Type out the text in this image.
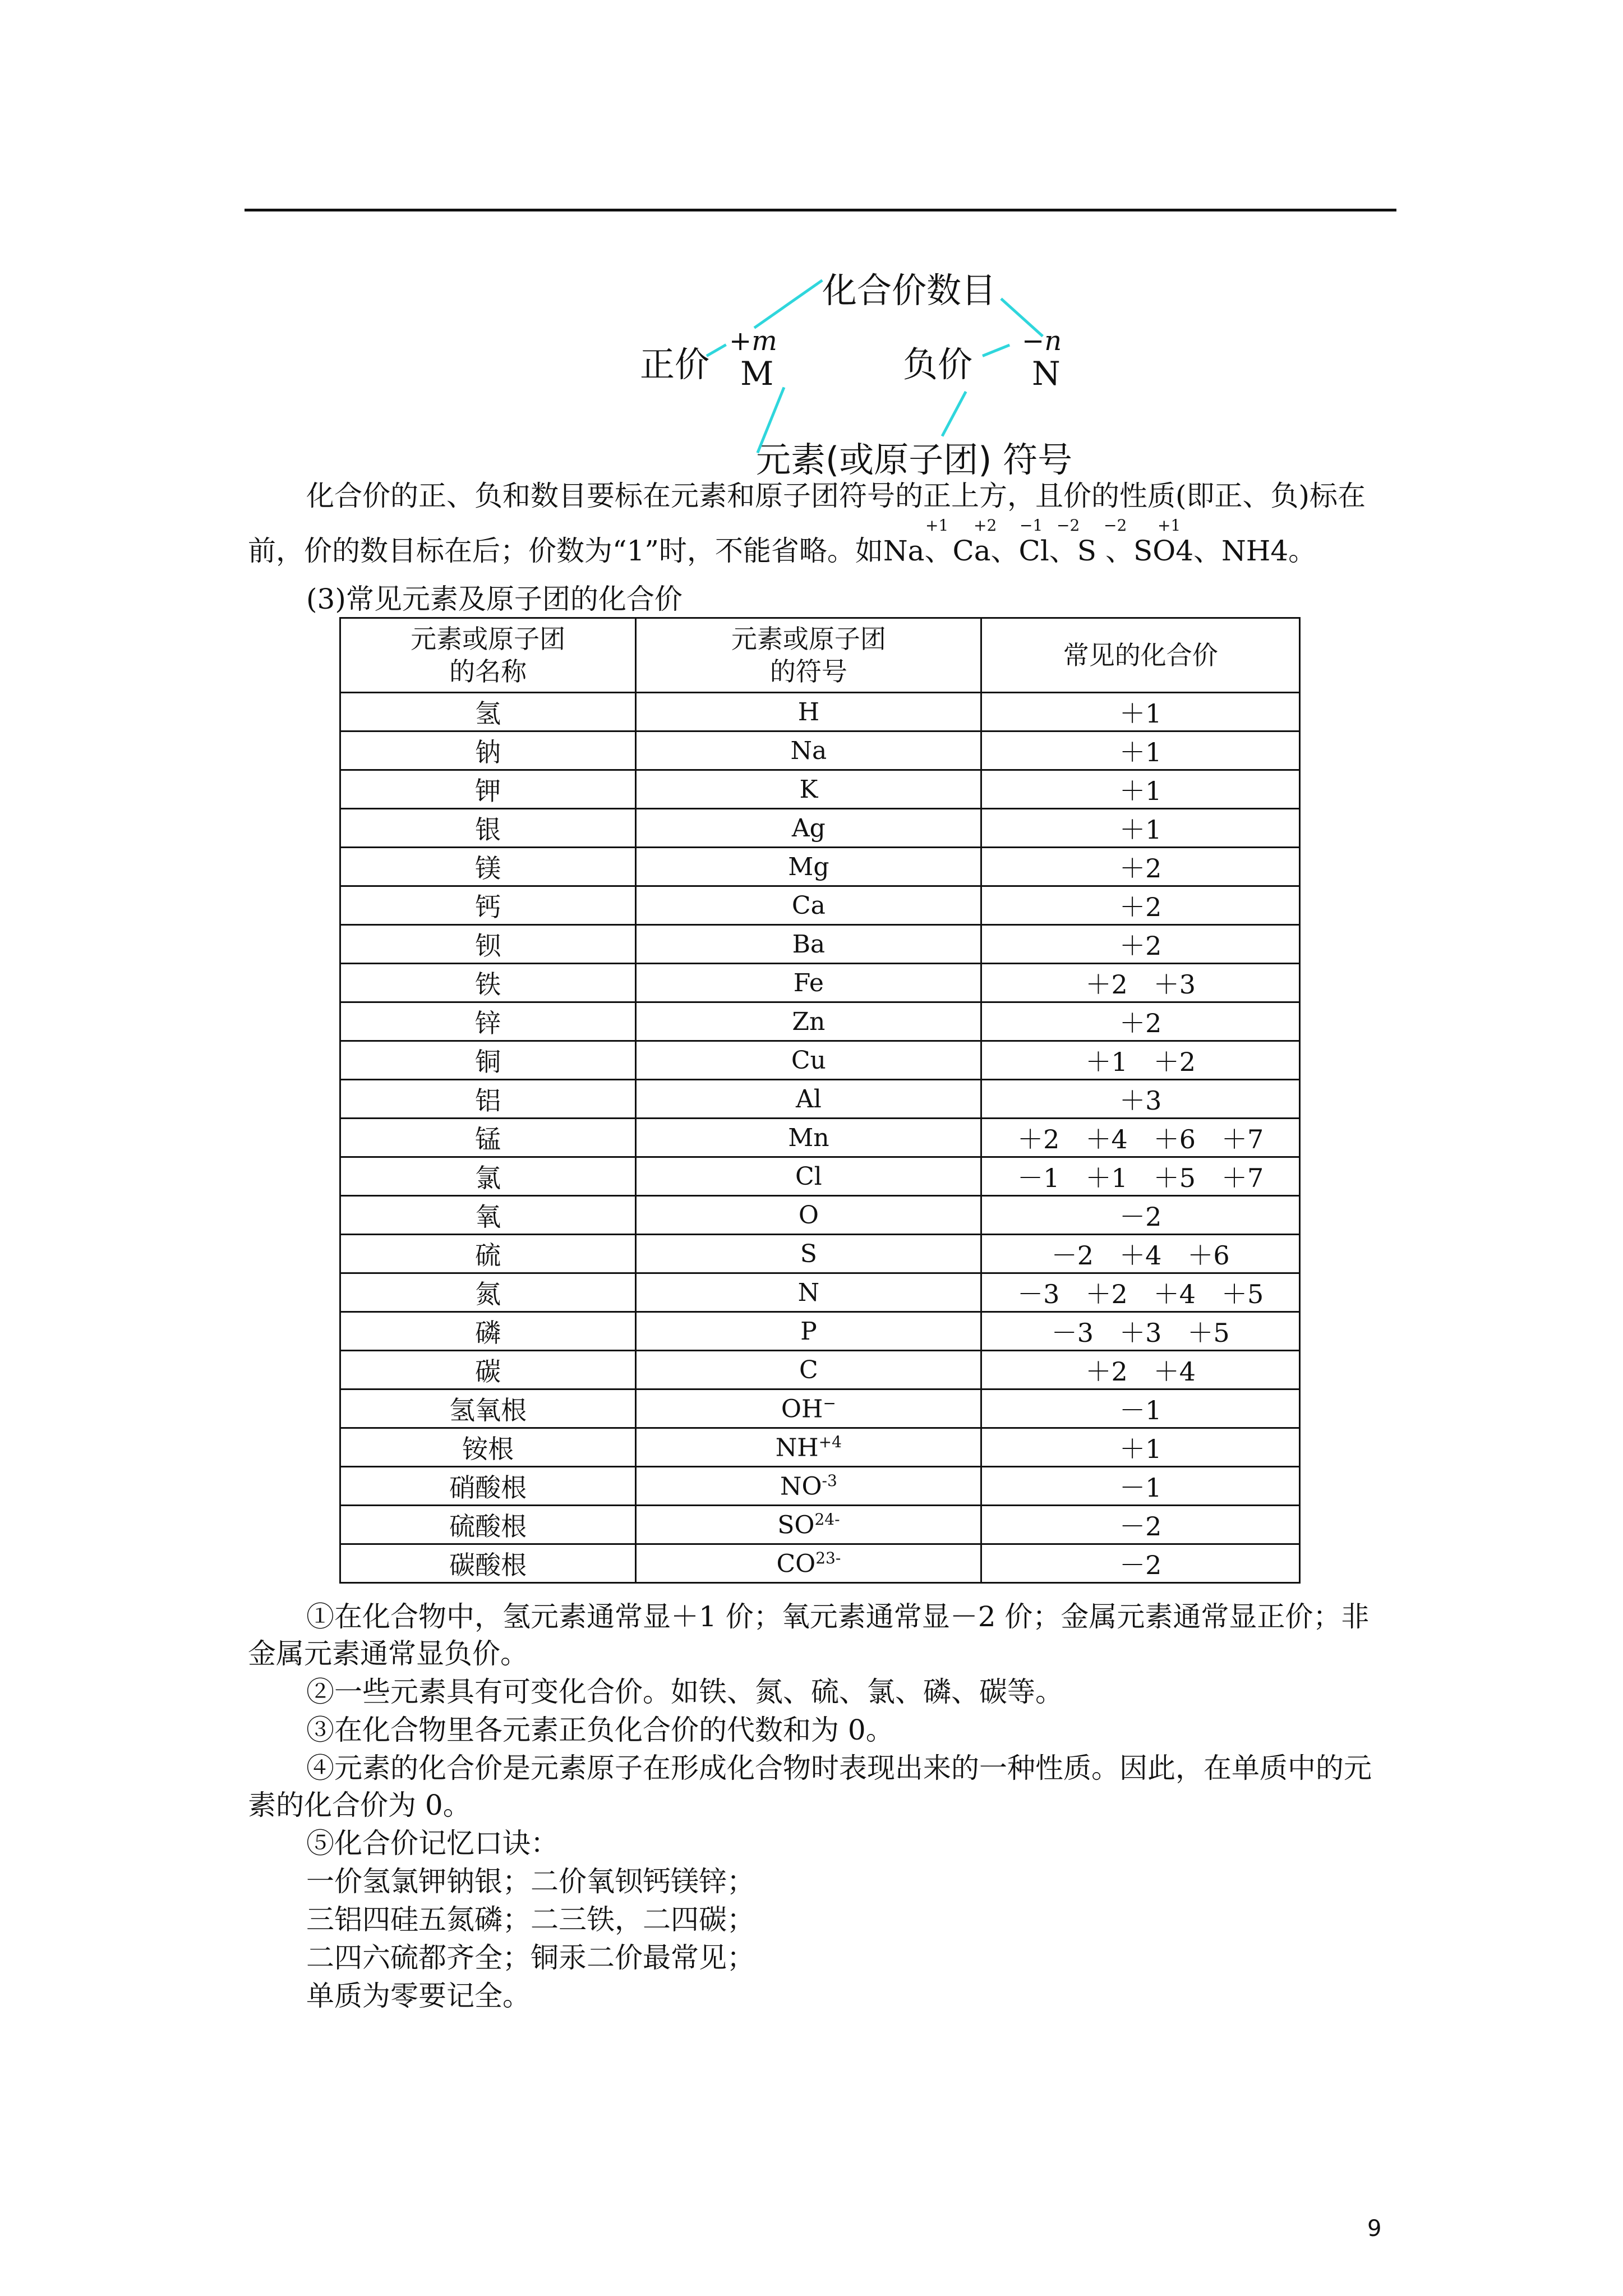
化合价数目
正价
+m
M	负价
−n
N
元素(或原子团) 符号
化合价的正、负和数目要标在元素和原子团符号的正上方，且价的性质(即正、负)标在
+1 +2 −1 −2 −2 +1
前，价的数目标在后；价数为“1”时，不能省略。如Na、Ca、Cl、S 、SO4、NH4。
(3)常见元素及原子团的化合价
元素或原子团的名称	元素或原子团的符号	常见的化合价
氢	H	＋1
钠	Na	＋1
钾	K	＋1
银	Ag	＋1
镁	Mg	＋2
钙	Ca	＋2
钡	Ba	＋2
铁	Fe	＋2　＋3
锌	Zn	＋2
铜	Cu	＋1　＋2
铝	Al	＋3
锰	Mn	＋2　＋4　＋6　＋7
氯	Cl	－1　＋1　＋5　＋7
氧	O	－2
硫	S	－2　＋4　＋6
氮	N	－3　＋2　＋4　＋5
磷	P	－3　＋3　＋5
碳	C	＋2　＋4
氢氧根	OH−	－1
铵根	$NH^{+4}$	＋1
硝酸根	$NO^{-3}$	－1
硫酸根	$SO^{24-}$	－2
碳酸根	$CO^{23-}$	－2
①在化合物中，氢元素通常显＋1 价；氧元素通常显－2 价；金属元素通常显正价；非
金属元素通常显负价。
②一些元素具有可变化合价。如铁、氮、硫、氯、磷、碳等。
③在化合物里各元素正负化合价的代数和为 0。
④元素的化合价是元素原子在形成化合物时表现出来的一种性质。因此，在单质中的元
素的化合价为 0。
⑤化合价记忆口诀：
一价氢氯钾钠银；二价氧钡钙镁锌；
三铝四硅五氮磷；二三铁，二四碳；
二四六硫都齐全；铜汞二价最常见；
单质为零要记全。
9
